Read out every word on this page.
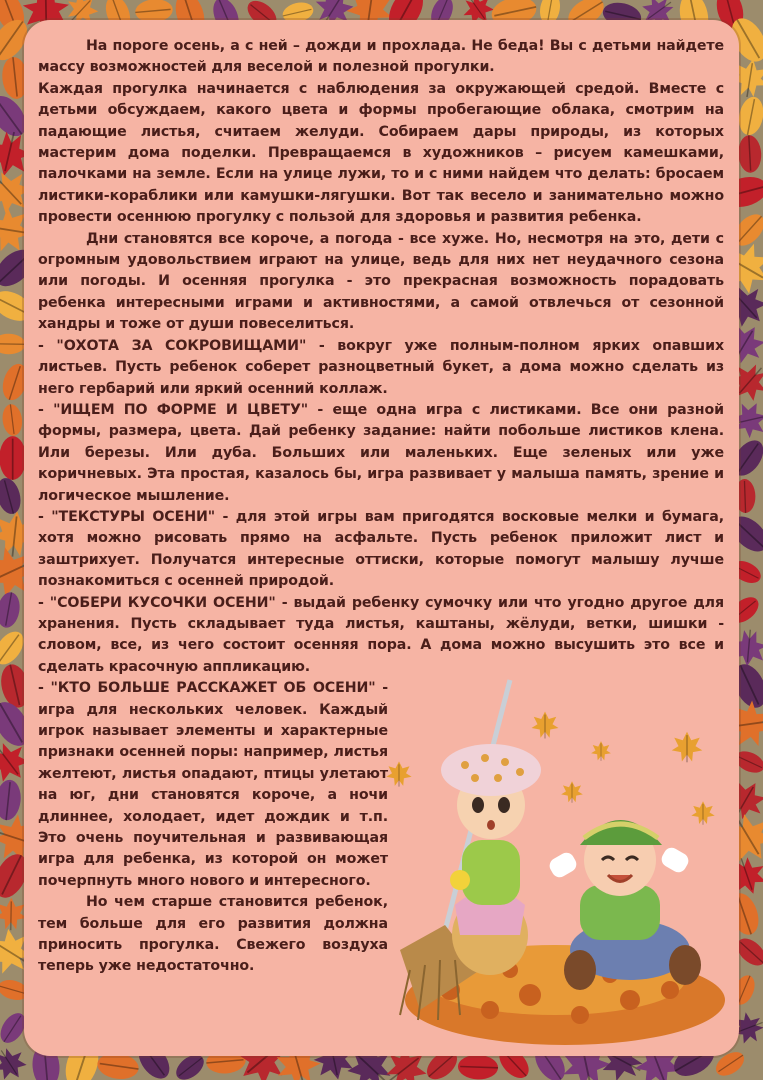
На пороге осень, а с ней – дожди и прохлада. Не беда! Вы с детьми найдете массу возможностей для веселой и полезной прогулки.

Каждая прогулка начинается с наблюдения за окружающей средой. Вместе с детьми обсуждаем, какого цвета и формы пробегающие облака, смотрим на падающие листья, считаем желуди. Собираем дары природы, из которых мастерим дома поделки. Превращаемся в художников – рисуем камешками, палочками на земле. Если на улице лужи, то и с ними найдем что делать: бросаем листики-кораблики или камушки-лягушки. Вот так весело и занимательно можно провести осеннюю прогулку с пользой для здоровья и развития ребенка.

Дни становятся все короче, а погода - все хуже. Но, несмотря на это, дети с огромным удовольствием играют на улице, ведь для них нет неудачного сезона или погоды. И осенняя прогулка - это прекрасная возможность порадовать ребенка интересными играми и активностями, а самой отвлечься от сезонной хандры и тоже от души повеселиться.

- "ОХОТА ЗА СОКРОВИЩАМИ" - вокруг уже полным-полном ярких опавших листьев. Пусть ребенок соберет разноцветный букет, а дома можно сделать из него гербарий или яркий осенний коллаж.

- "ИЩЕМ ПО ФОРМЕ И ЦВЕТУ" - еще одна игра с листиками. Все они разной формы, размера, цвета. Дай ребенку задание: найти побольше листиков клена. Или березы. Или дуба. Больших или маленьких. Еще зеленых или уже коричневых. Эта простая, казалось бы, игра развивает у малыша память, зрение и логическое мышление.

- "ТЕКСТУРЫ ОСЕНИ" - для этой игры вам пригодятся восковые мелки и бумага, хотя можно рисовать прямо на асфальте. Пусть ребенок приложит лист и заштрихует. Получатся интересные оттиски, которые помогут малышу лучше познакомиться с осенней природой.

- "СОБЕРИ КУСОЧКИ ОСЕНИ" - выдай ребенку сумочку или что угодно другое для хранения. Пусть складывает туда листья, каштаны, жёлуди, ветки, шишки - словом, все, из чего состоит осенняя пора. А дома можно высушить это все и сделать красочную аппликацию.

- "КТО БОЛЬШЕ РАССКАЖЕТ ОБ ОСЕНИ" - игра для нескольких человек. Каждый игрок называет элементы и характерные признаки осенней поры: например, листья желтеют, листья опадают, птицы улетают на юг, дни становятся короче, а ночи длиннее, холодает, идет дождик и т.п. Это очень поучительная и развивающая игра для ребенка, из которой он может почерпнуть много нового и интересного.

Но чем старше становится ребенок, тем больше для его развития должна приносить прогулка. Свежего воздуха теперь уже недостаточно.
